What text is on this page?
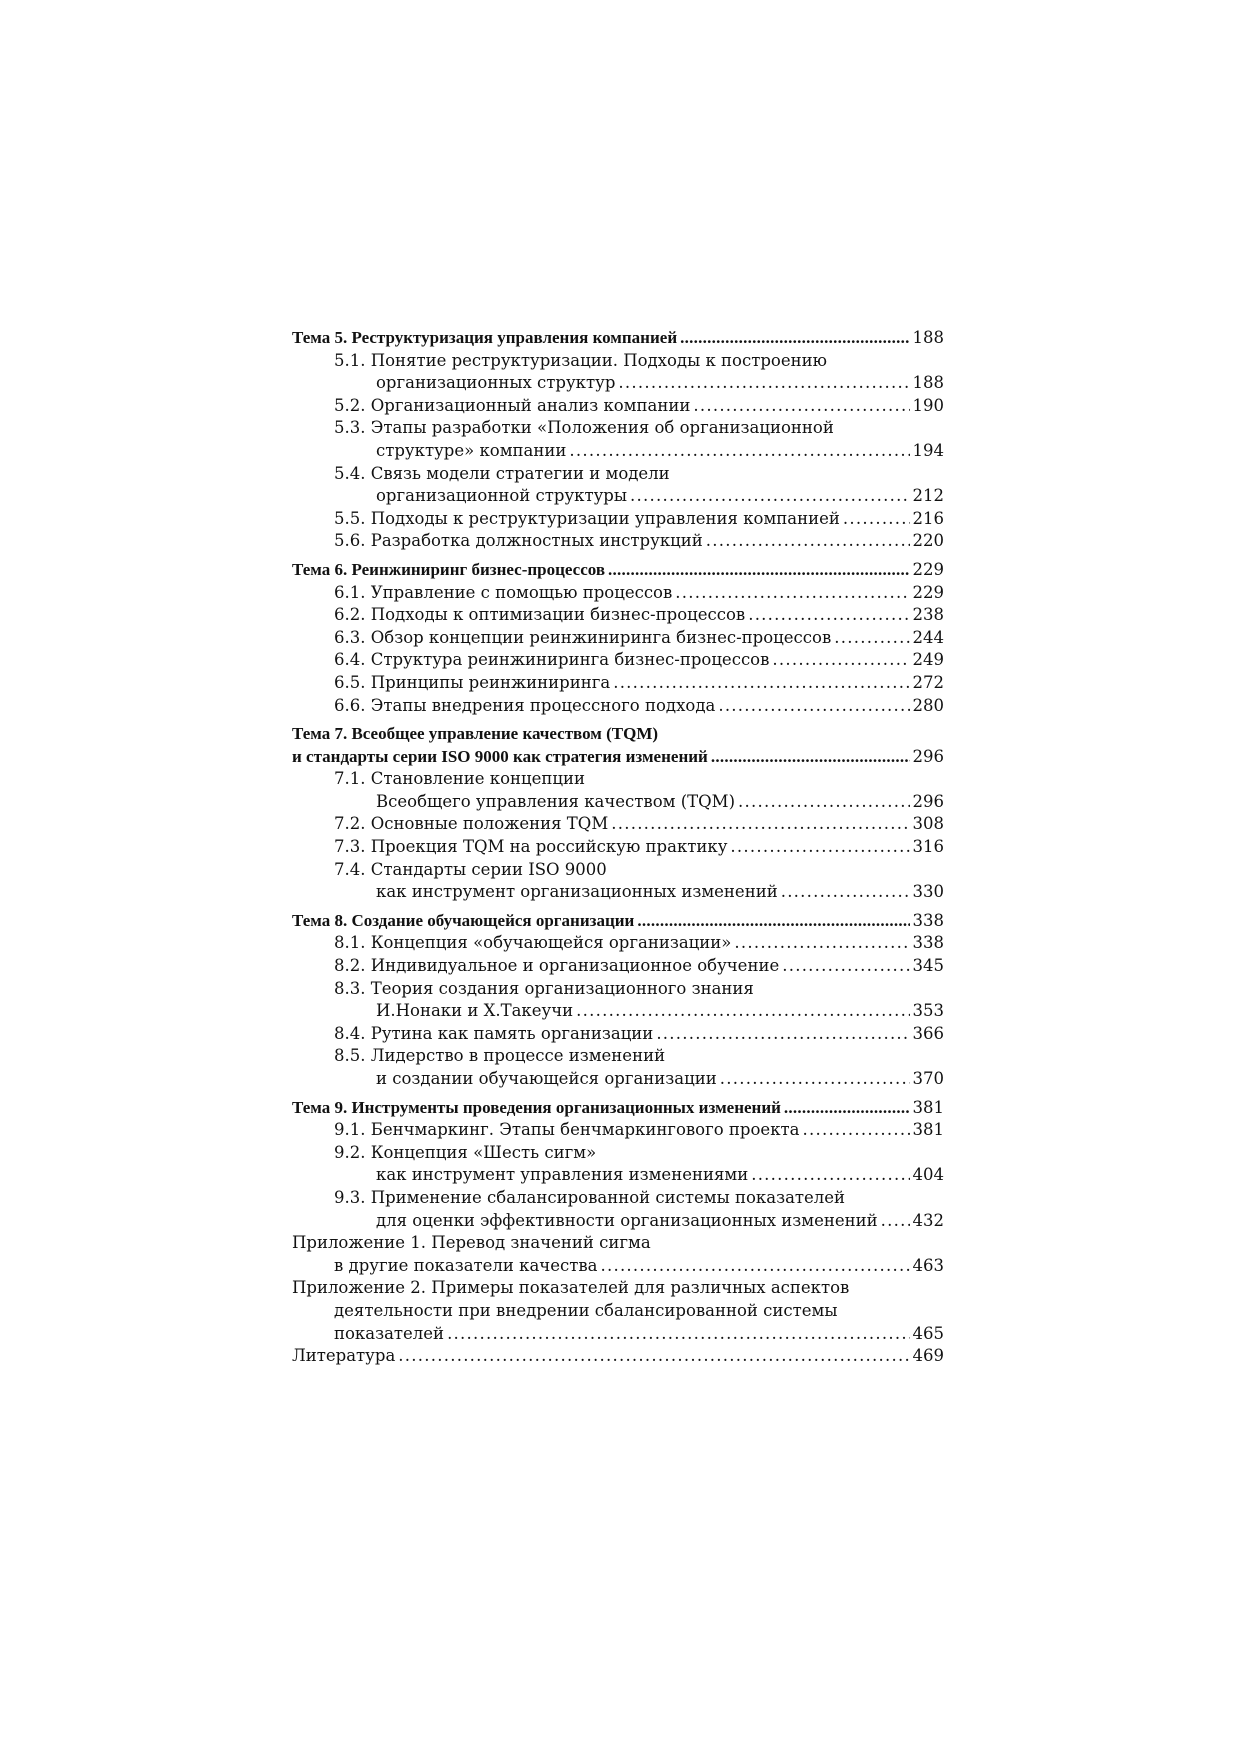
Тема 5. Реструктуризация управления компанией . . .	188
5.1. Понятие реструктуризации. Подходы к построению
организационных структур . . .	188
5.2. Организационный анализ компании . . .	190
5.3. Этапы разработки «Положения об организационной
структуре» компании . . .	194
5.4. Связь модели стратегии и модели
организационной структуры . . .	212
5.5. Подходы к реструктуризации управления компанией . . .	216
5.6. Разработка должностных инструкций . . .	220
Тема 6. Реинжиниринг бизнес-процессов . . .	229
6.1. Управление с помощью процессов . . .	229
6.2. Подходы к оптимизации бизнес-процессов . . .	238
6.3. Обзор концепции реинжиниринга бизнес-процессов . . .	244
6.4. Структура реинжиниринга бизнес-процессов . . .	249
6.5. Принципы реинжиниринга . . .	272
6.6. Этапы внедрения процессного подхода . . .	280
Тема 7. Всеобщее управление качеством (TQM)
и стандарты серии ISO 9000 как стратегия изменений . . .	296
7.1. Становление концепции
Всеобщего управления качеством (TQM) . . .	296
7.2. Основные положения TQM . . .	308
7.3. Проекция TQM на российскую практику . . .	316
7.4. Стандарты серии ISO 9000
как инструмент организационных изменений . . .	330
Тема 8. Создание обучающейся организации . . .	338
8.1. Концепция «обучающейся организации» . . .	338
8.2. Индивидуальное и организационное обучение . . .	345
8.3. Теория создания организационного знания
И.Нонаки и Х.Такеучи . . .	353
8.4. Рутина как память организации . . .	366
8.5. Лидерство в процессе изменений
и создании обучающейся организации . . .	370
Тема 9. Инструменты проведения организационных изменений . . .	381
9.1. Бенчмаркинг. Этапы бенчмаркингового проекта . . .	381
9.2. Концепция «Шесть сигм»
как инструмент управления изменениями . . .	404
9.3. Применение сбалансированной системы показателей
для оценки эффективности организационных изменений . . . 432
Приложение 1. Перевод значений сигма
в другие показатели качества . . .	463
Приложение 2. Примеры показателей для различных аспектов
деятельности при внедрении сбалансированной системы
показателей . . .	465
Литература . . .	469
